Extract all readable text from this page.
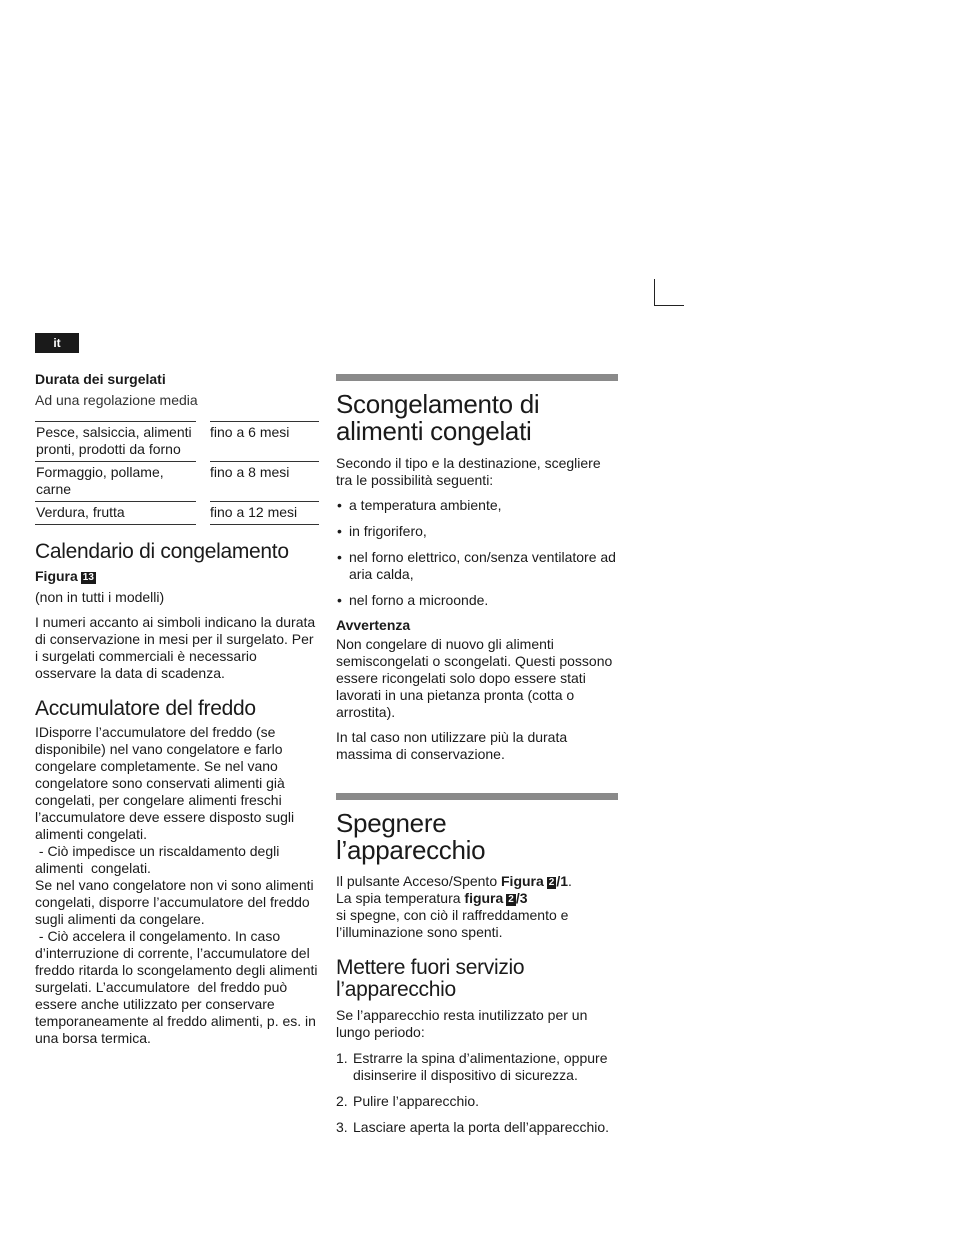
it

Durata dei surgelati

Ad una regolazione media

Pesce, salsiccia, alimenti pronti, prodotti da forno		fino a 6 mesi
Formaggio, pollame, carne		fino a 8 mesi
Verdura, frutta		fino a 12 mesi
Calendario di congelamento

Figura 13

(non in tutti i modelli)

I numeri accanto ai simboli indicano la durata di conservazione in mesi per il surgelato. Per i surgelati commerciali è necessario osservare la data di scadenza.

Accumulatore del freddo

IDisporre l’accumulatore del freddo (se disponibile) nel vano congelatore e farlo congelare completamente. Se nel vano congelatore sono conservati alimenti già congelati, per congelare alimenti freschi l’accumulatore deve essere disposto sugli alimenti congelati.

- Ciò impedisce un riscaldamento degli alimenti  congelati.

Se nel vano congelatore non vi sono alimenti congelati, disporre l’accumulatore del freddo sugli alimenti da congelare.

- Ciò accelera il congelamento. In caso d’interruzione di corrente, l’accumulatore del freddo ritarda lo scongelamento degli alimenti surgelati. L’accumulatore  del freddo può essere anche utilizzato per conservare temporaneamente al freddo alimenti, p. es. in una borsa termica.

Scongelamento di
alimenti congelati

Secondo il tipo e la destinazione, scegliere tra le possibilità seguenti:

• a temperatura ambiente,
• in frigorifero,
• nel forno elettrico, con/senza ventilatore ad aria calda,
• nel forno a microonde.

Avvertenza

Non congelare di nuovo gli alimenti semiscongelati o scongelati. Questi possono essere ricongelati solo dopo essere stati lavorati in una pietanza pronta (cotta o arrostita).

In tal caso non utilizzare più la durata massima di conservazione.

Spegnere
l’apparecchio

Il pulsante Acceso/Spento Figura 2 /1.
La spia temperatura figura 2 /3
si spegne, con ciò il raffreddamento e l’illuminazione sono spenti.

Mettere fuori servizio
l’apparecchio

Se l’apparecchio resta inutilizzato per un lungo periodo:

1. Estrarre la spina d’alimentazione, oppure disinserire il dispositivo di sicurezza.
2. Pulire l’apparecchio.
3. Lasciare aperta la porta dell’apparecchio.
